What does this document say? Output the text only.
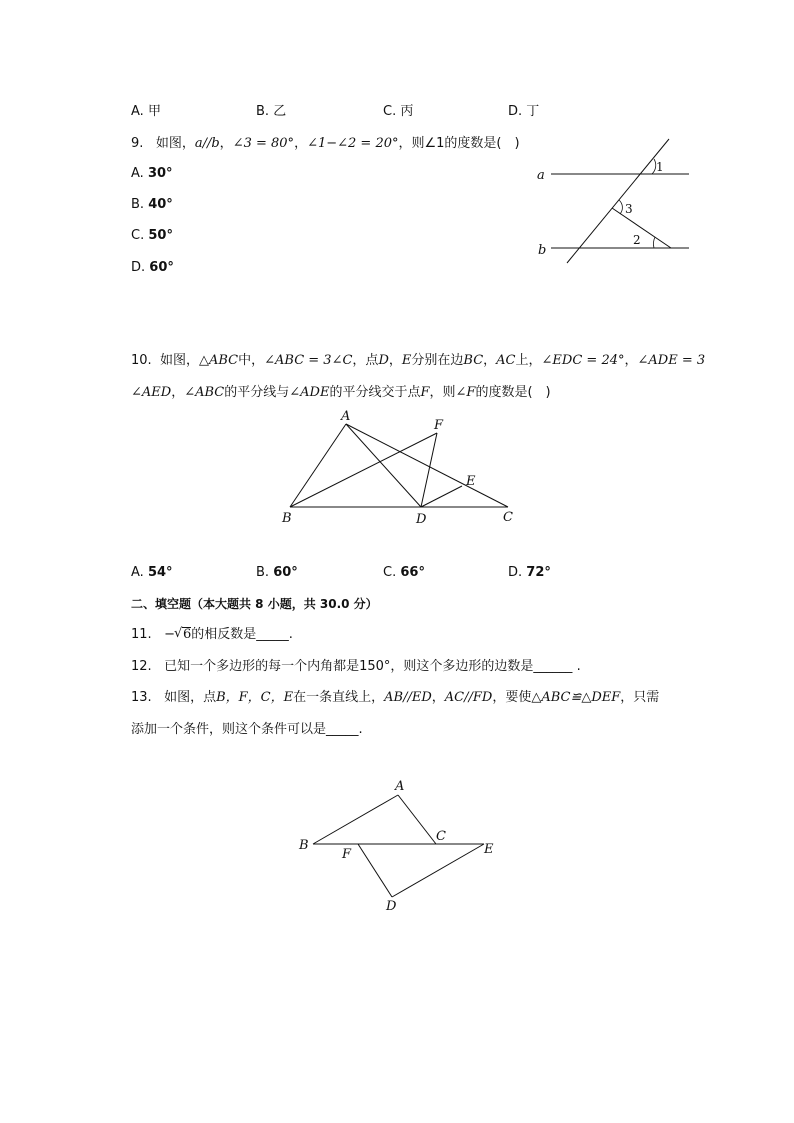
A. 甲	B. 乙	C. 丙	D. 丁
9. 如图，a//b，∠3 = 80°，∠1−∠2 = 20°，则∠1的度数是(　)
A. 30°
B. 40°
C. 50°
D. 60°
a
b
1
3
2
10. 如图，△ABC中，∠ABC = 3∠C，点D，E分别在边BC，AC上，∠EDC = 24°，∠ADE = 3
∠AED，∠ABC的平分线与∠ADE的平分线交于点F，则∠F的度数是(　)
A
F
E
B	D	C
A. 54°	B. 60°	C. 66°	D. 72°
二、填空题（本大题共 8 小题，共 30.0 分）
11. −√ 6的相反数是_____.
12. 已知一个多边形的每一个内角都是150°，则这个多边形的边数是______ .
13. 如图，点B，F，C，E在一条直线上，AB//ED，AC//FD，要使△ABC≌△DEF，只需
添加一个条件，则这个条件可以是_____.
A
C
B
F	E
D
